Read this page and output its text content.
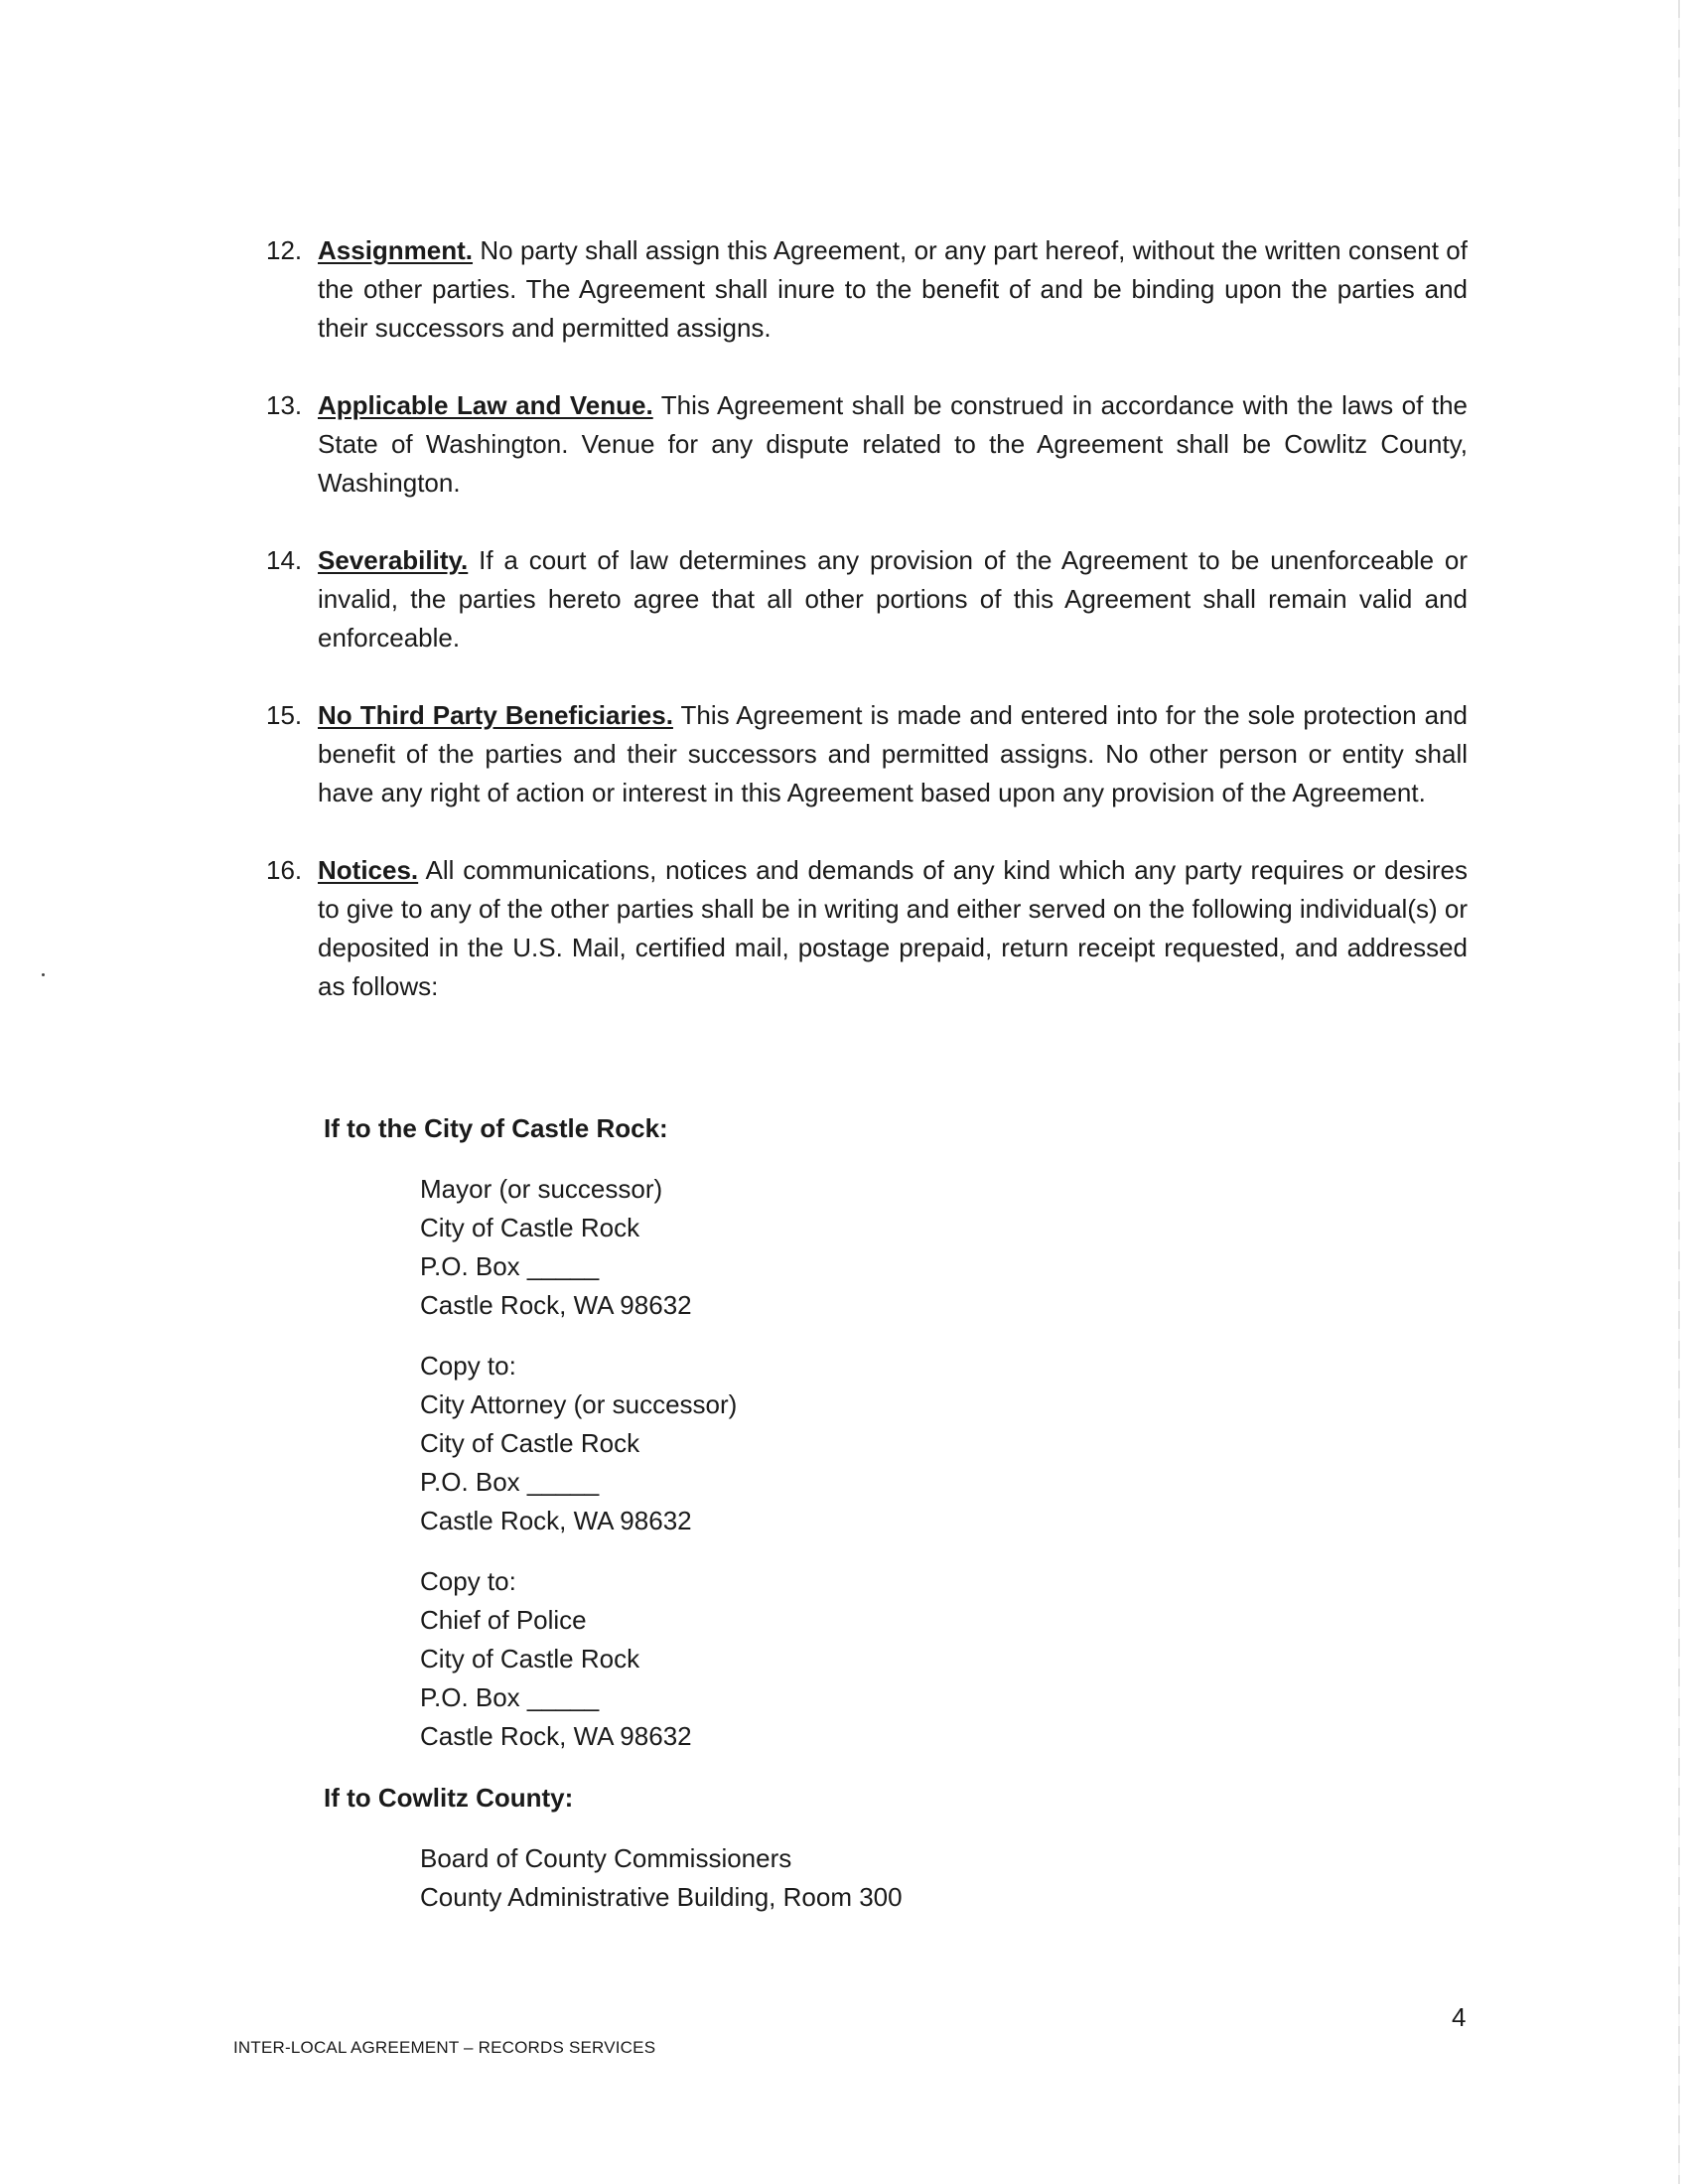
12. Assignment. No party shall assign this Agreement, or any part hereof, without the written consent of the other parties. The Agreement shall inure to the benefit of and be binding upon the parties and their successors and permitted assigns.
13. Applicable Law and Venue. This Agreement shall be construed in accordance with the laws of the State of Washington. Venue for any dispute related to the Agreement shall be Cowlitz County, Washington.
14. Severability. If a court of law determines any provision of the Agreement to be unenforceable or invalid, the parties hereto agree that all other portions of this Agreement shall remain valid and enforceable.
15. No Third Party Beneficiaries. This Agreement is made and entered into for the sole protection and benefit of the parties and their successors and permitted assigns. No other person or entity shall have any right of action or interest in this Agreement based upon any provision of the Agreement.
16. Notices. All communications, notices and demands of any kind which any party requires or desires to give to any of the other parties shall be in writing and either served on the following individual(s) or deposited in the U.S. Mail, certified mail, postage prepaid, return receipt requested, and addressed as follows:
If to the City of Castle Rock:
Mayor (or successor)
City of Castle Rock
P.O. Box _____
Castle Rock, WA 98632
Copy to:
City Attorney (or successor)
City of Castle Rock
P.O. Box _____
Castle Rock, WA 98632
Copy to:
Chief of Police
City of Castle Rock
P.O. Box _____
Castle Rock, WA 98632
If to Cowlitz County:
Board of County Commissioners
County Administrative Building, Room 300
4
INTER-LOCAL AGREEMENT – RECORDS SERVICES
